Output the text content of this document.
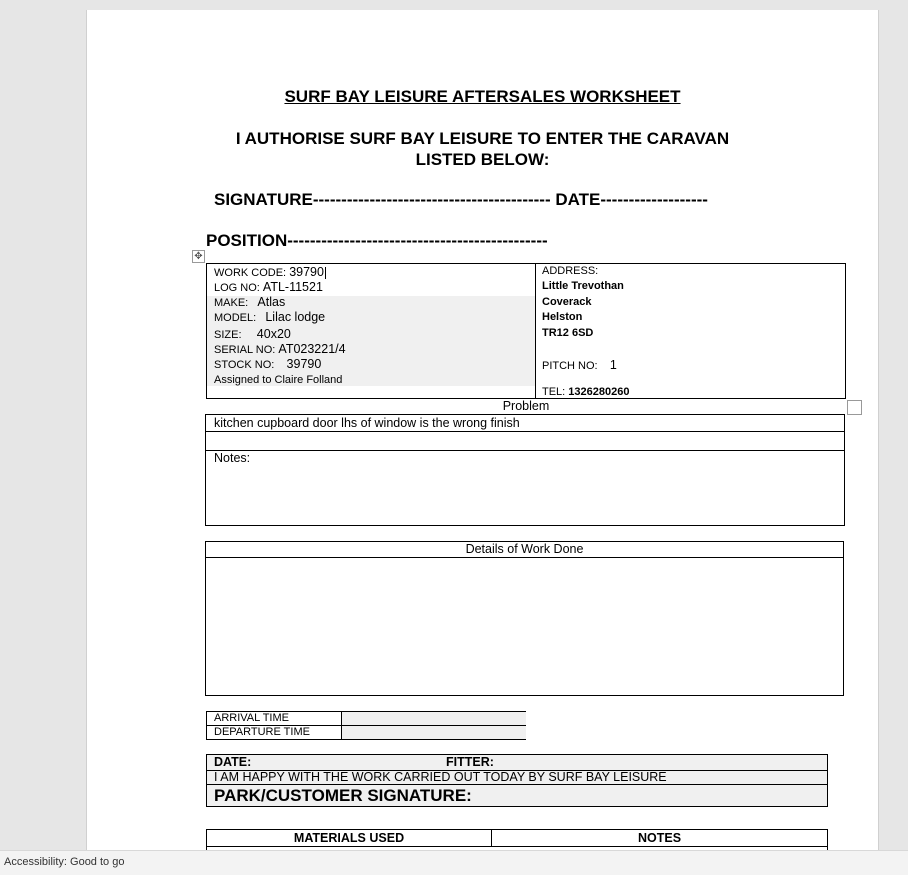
SURF BAY LEISURE AFTERSALES WORKSHEET
I AUTHORISE SURF BAY LEISURE TO ENTER THE CARAVAN
LISTED BELOW:
SIGNATURE------------------------------------------ DATE-------------------
POSITION----------------------------------------------
✥
WORK CODE: 39790
LOG NO: ATL-11521
MAKE: Atlas
MODEL: Lilac lodge
SIZE: 40x20
SERIAL NO: AT023221/4
STOCK NO: 39790
Assigned to Claire Folland
ADDRESS:
Little Trevothan
Coverack
Helston
TR12 6SD
PITCH NO: 1
TEL: 1326280260
Problem
kitchen cupboard door lhs of window is the wrong finish
Notes:
Details of Work Done
ARRIVAL TIME
DEPARTURE TIME
DATE:	FITTER:
I AM HAPPY WITH THE WORK CARRIED OUT TODAY BY SURF BAY LEISURE
PARK/CUSTOMER SIGNATURE:
MATERIALS USED	NOTES
Accessibility: Good to go
